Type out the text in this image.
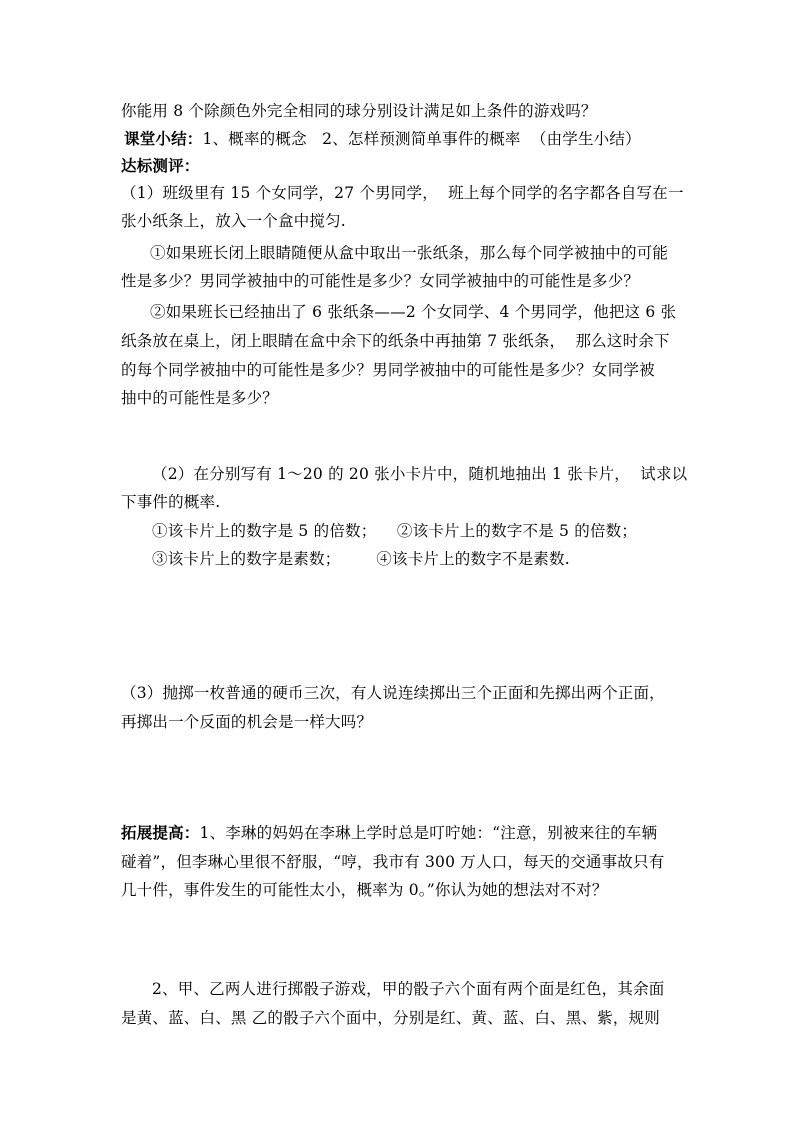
你能用 8 个除颜色外完全相同的球分别设计满足如上条件的游戏吗？
课堂小结：1、概率的概念   2、怎样预测简单事件的概率  （由学生小结）
达标测评：
（1）班级里有 15 个女同学，27 个男同学，  班上每个同学的名字都各自写在一
张小纸条上，放入一个盒中搅匀.
①如果班长闭上眼睛随便从盒中取出一张纸条，那么每个同学被抽中的可能
性是多少？男同学被抽中的可能性是多少？女同学被抽中的可能性是多少？
②如果班长已经抽出了 6 张纸条——2 个女同学、4 个男同学，他把这 6 张
纸条放在桌上，闭上眼睛在盒中余下的纸条中再抽第 7 张纸条，  那么这时余下
的每个同学被抽中的可能性是多少？男同学被抽中的可能性是多少？女同学被
抽中的可能性是多少？
（2）在分别写有 1～20 的 20 张小卡片中，随机地抽出 1 张卡片，  试求以
下事件的概率.
①该卡片上的数字是 5 的倍数；    ②该卡片上的数字不是 5 的倍数；
③该卡片上的数字是素数；       ④该卡片上的数字不是素数.
（3）抛掷一枚普通的硬币三次，有人说连续掷出三个正面和先掷出两个正面，
再掷出一个反面的机会是一样大吗？
拓展提高：1、李琳的妈妈在李琳上学时总是叮咛她：“注意，别被来往的车辆
碰着”，但李琳心里很不舒服，“哼，我市有 300 万人口，每天的交通事故只有
几十件，事件发生的可能性太小，概率为 0。”你认为她的想法对不对？
2、甲、乙两人进行掷骰子游戏，甲的骰子六个面有两个面是红色，其余面
是黄、蓝、白、黑 乙的骰子六个面中，分别是红、黄、蓝、白、黑、紫，规则
